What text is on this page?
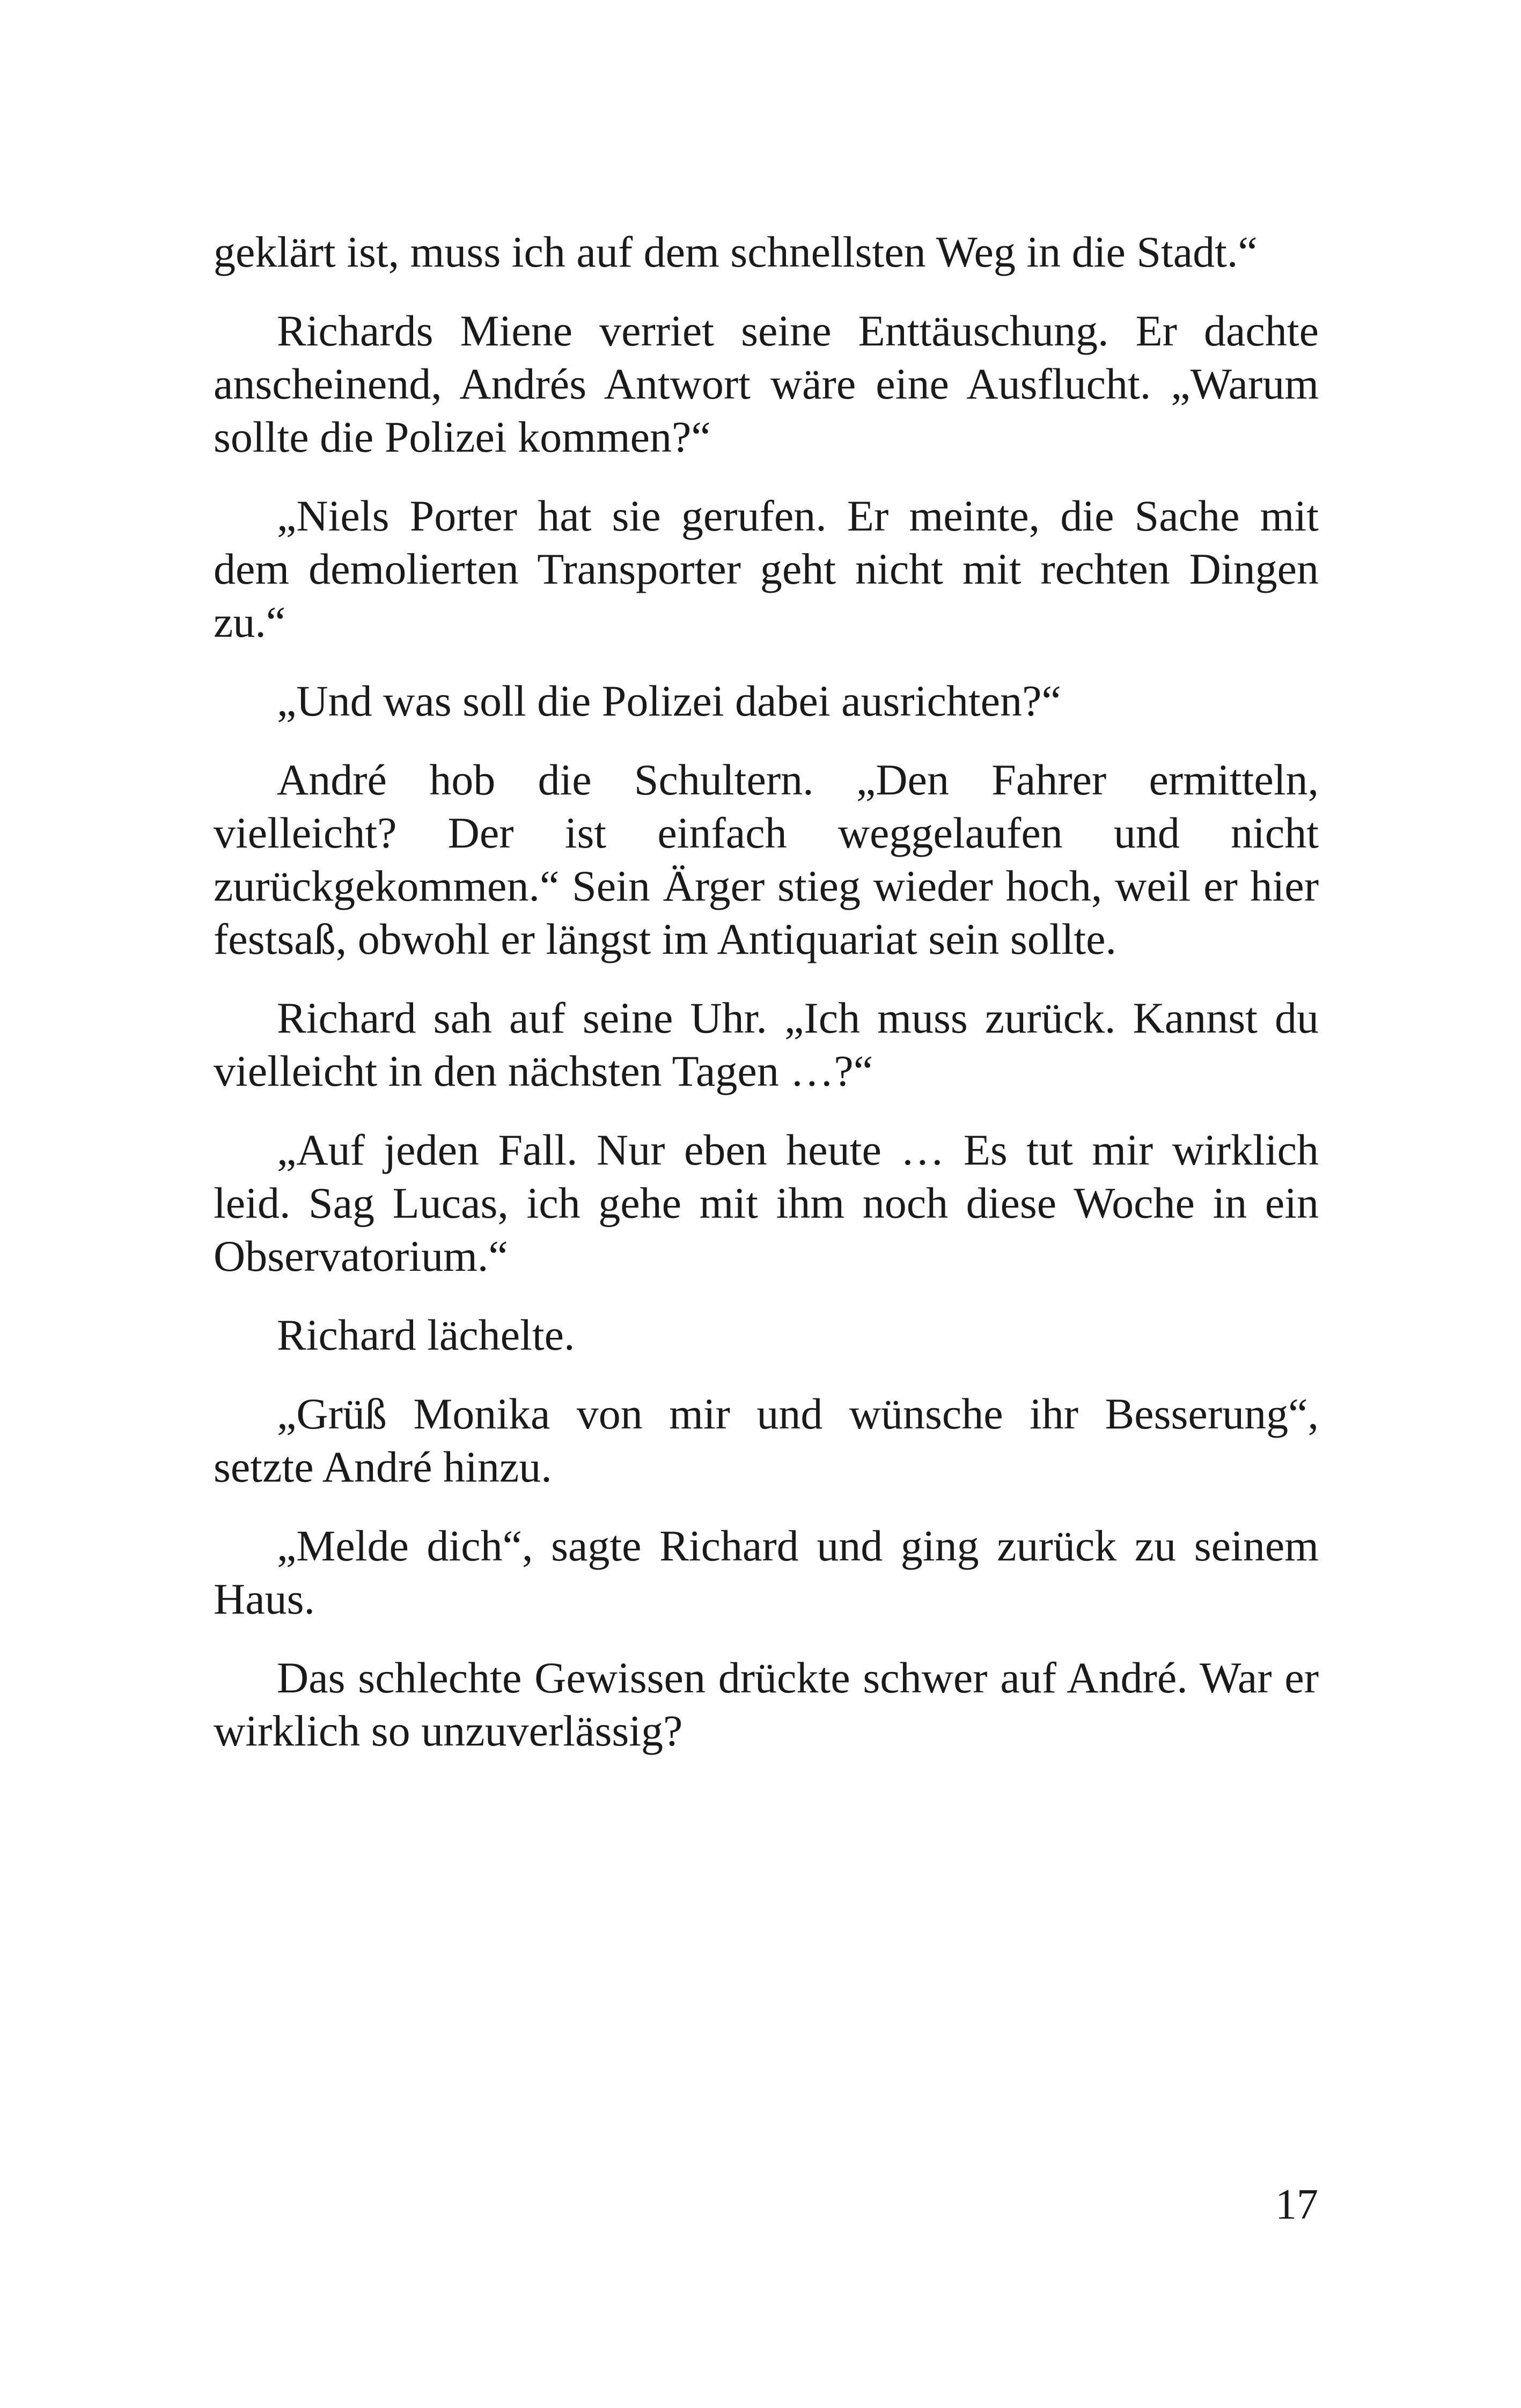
geklärt ist, muss ich auf dem schnellsten Weg in die Stadt.“

Richards Miene verriet seine Enttäuschung. Er dachte anscheinend, Andrés Antwort wäre eine Ausflucht. „Warum sollte die Polizei kommen?“

„Niels Porter hat sie gerufen. Er meinte, die Sache mit dem demolierten Transporter geht nicht mit rechten Dingen zu.“

„Und was soll die Polizei dabei ausrichten?“

André hob die Schultern. „Den Fahrer ermitteln, vielleicht? Der ist einfach weggelaufen und nicht zurückgekommen.“ Sein Ärger stieg wieder hoch, weil er hier festsaß, obwohl er längst im Antiquariat sein sollte.

Richard sah auf seine Uhr. „Ich muss zurück. Kannst du vielleicht in den nächsten Tagen …?“

„Auf jeden Fall. Nur eben heute … Es tut mir wirklich leid. Sag Lucas, ich gehe mit ihm noch diese Woche in ein Observatorium.“

Richard lächelte.

„Grüß Monika von mir und wünsche ihr Besserung“, setzte André hinzu.

„Melde dich“, sagte Richard und ging zurück zu seinem Haus.

Das schlechte Gewissen drückte schwer auf André. War er wirklich so unzuverlässig?

17
